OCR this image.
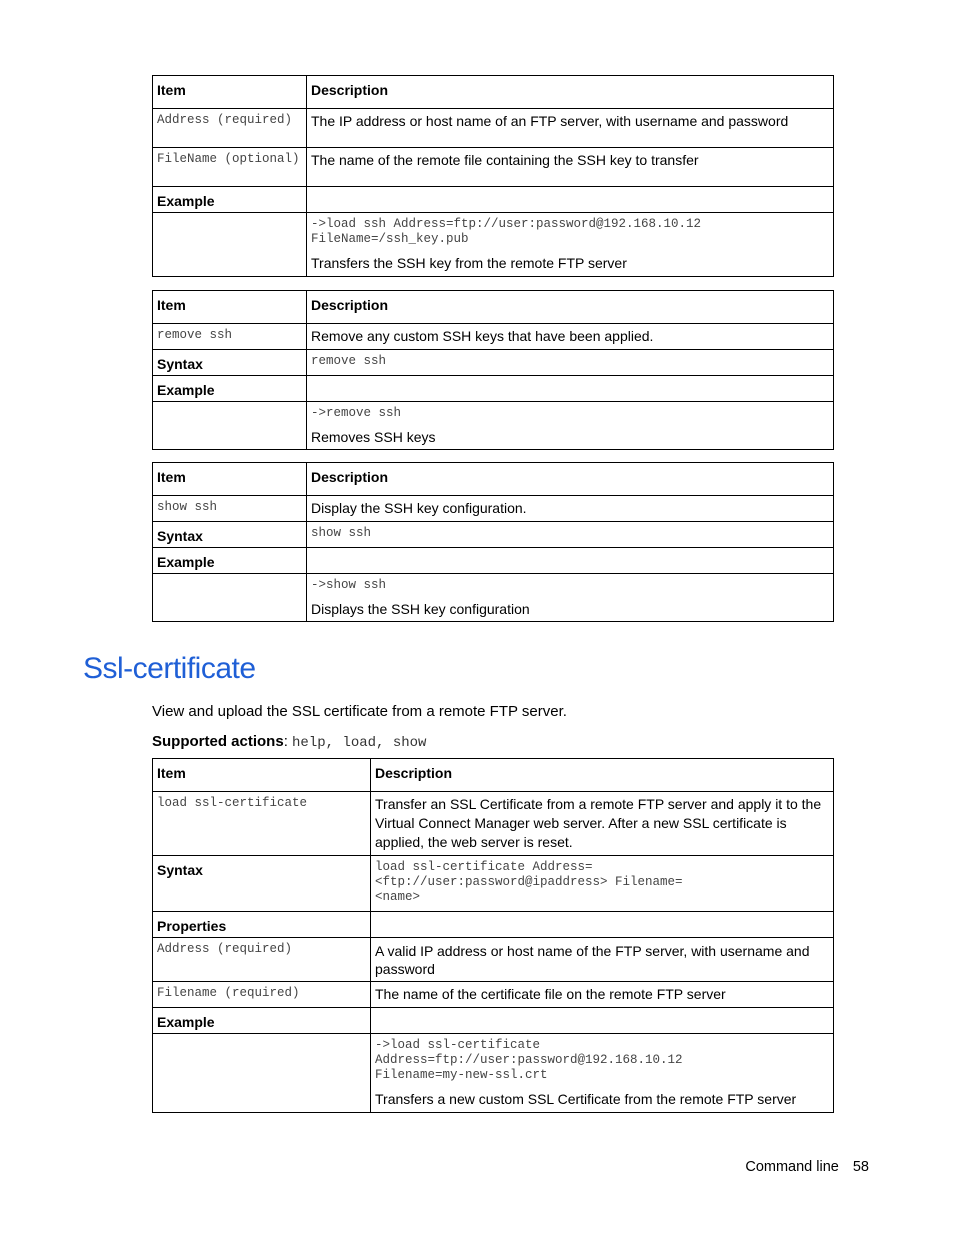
Item	Description
Address (required)	The IP address or host name of an FTP server, with username and password
FileName (optional)	The name of the remote file containing the SSH key to transfer
Example	

	->load ssh Address=ftp://user:password@192.168.10.12 FileName=/ssh_key.pub
Transfers the SSH key from the remote FTP server
Item	Description
remove ssh	Remove any custom SSH keys that have been applied.
Syntax	remove ssh
Example	

	->remove ssh
Removes SSH keys
Item	Description
show ssh	Display the SSH key configuration.
Syntax	show ssh
Example	

	->show ssh
Displays the SSH key configuration
Ssl-certificate

View and upload the SSL certificate from a remote FTP server.

Supported actions: help, load, show

Item	Description
load ssl-certificate	Transfer an SSL Certificate from a remote FTP server and apply it to the Virtual Connect Manager web server. After a new SSL certificate is applied, the web server is reset.
Syntax	load ssl-certificate Address=<ftp://user:password@ipaddress> Filename=<name>
Properties	
Address (required)	A valid IP address or host name of the FTP server, with username and password
Filename (required)	The name of the certificate file on the remote FTP server
Example	

	->load ssl-certificate Address=ftp://user:password@192.168.10.12 Filename=my-new-ssl.crt
Transfers a new custom SSL Certificate from the remote FTP server
Command line 58
